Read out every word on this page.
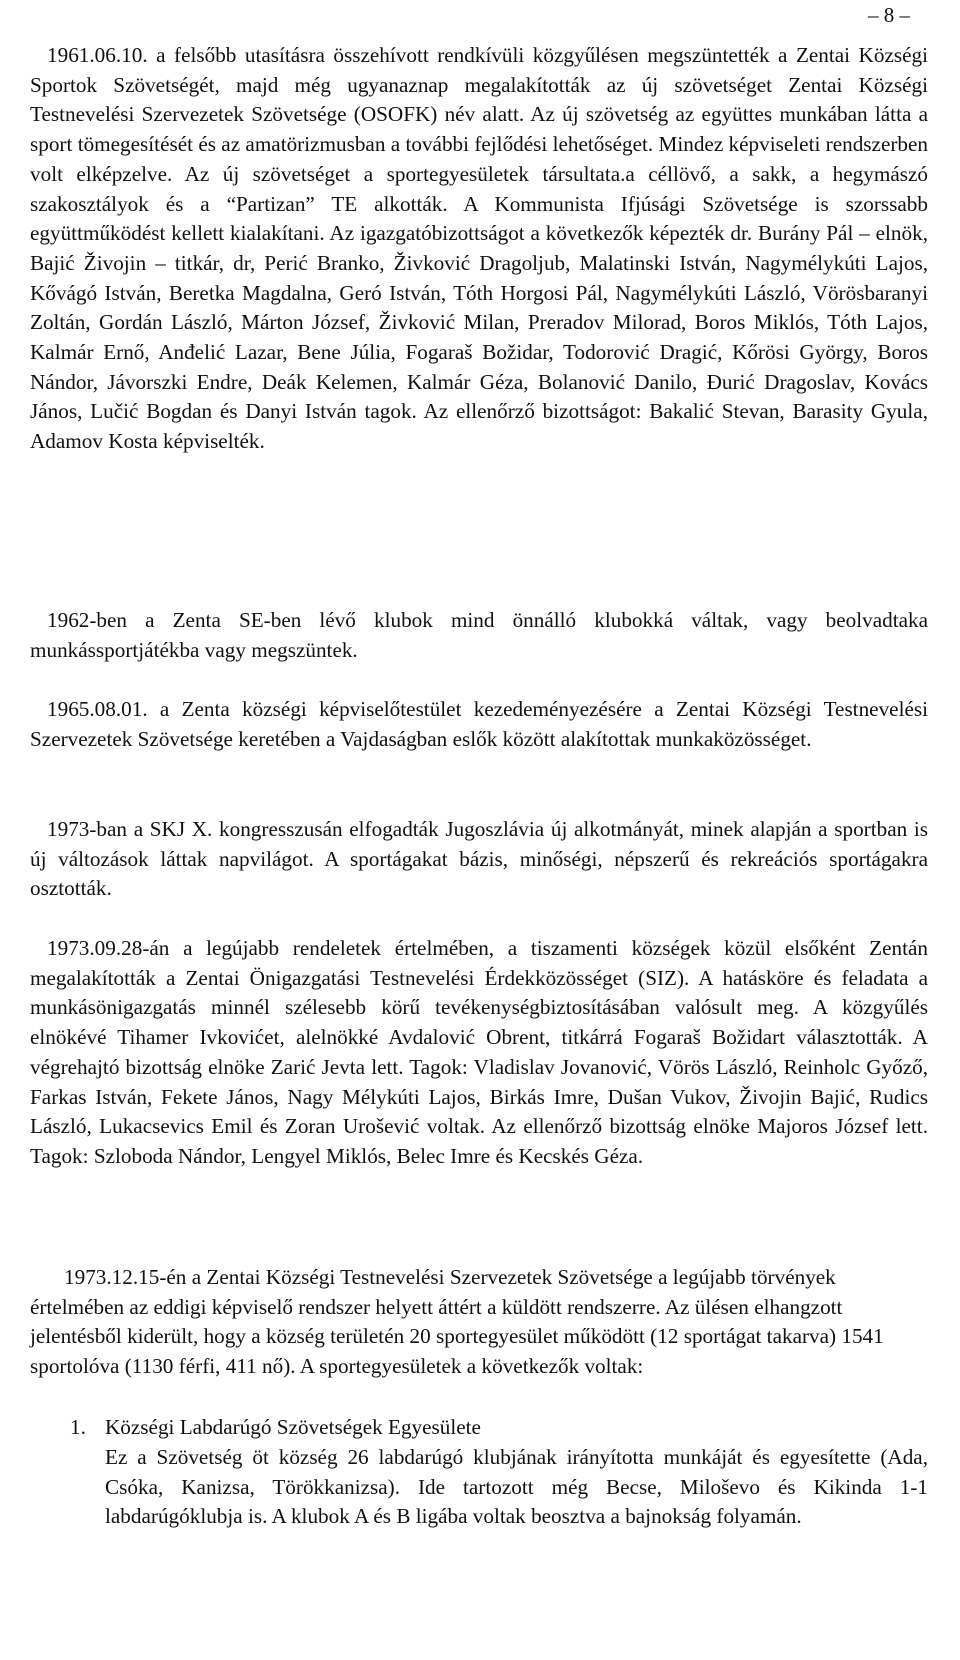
– 8 –

1961.06.10. a felsőbb utasításra összehívott rendkívüli közgyűlésen megszüntették a Zentai Községi Sportok Szövetségét, majd még ugyanaznap megalakították az új szövetséget Zentai Községi Testnevelési Szervezetek Szövetsége (OSOFK) név alatt. Az új szövetség az együttes munkában látta a sport tömegesítését és az amatörizmusban a további fejlődési lehetőséget. Mindez képviseleti rendszerben volt elképzelve. Az új szövetséget a sportegyesületek társultata.a céllövő, a sakk, a hegymászó szakosztályok és a “Partizan” TE alkották. A Kommunista Ifjúsági Szövetsége is szorssabb együttműködést kellett kialakítani. Az igazgatóbizottságot a következők képezték dr. Burány Pál – elnök, Bajić Živojin – titkár, dr, Perić Branko, Živković Dragoljub, Malatinski István, Nagymélykúti Lajos, Kővágó István, Beretka Magdalna, Geró István, Tóth Horgosi Pál, Nagymélykúti László, Vörösbaranyi Zoltán, Gordán László, Márton József, Živković Milan, Preradov Milorad, Boros Miklós, Tóth Lajos, Kalmár Ernő, Anđelić Lazar, Bene Júlia, Fogaraš Božidar, Todorović Dragić, Kőrösi György, Boros Nándor, Jávorszki Endre, Deák Kelemen, Kalmár Géza, Bolanović Danilo, Đurić Dragoslav, Kovács János, Lučić Bogdan és Danyi István tagok. Az ellenőrző bizottságot: Bakalić Stevan, Barasity Gyula, Adamov Kosta képviselték.

1962-ben a Zenta SE-ben lévő klubok mind önnálló klubokká váltak, vagy beolvadtaka munkássportjátékba vagy megszüntek.

1965.08.01. a Zenta községi képviselőtestület kezedeményezésére a Zentai Községi Testnevelési Szervezetek Szövetsége keretében a Vajdaságban eslők között alakítottak munkaközösséget.

1973-ban a SKJ X. kongresszusán elfogadták Jugoszlávia új alkotmányát, minek alapján a sportban is új változások láttak napvilágot. A sportágakat bázis, minőségi, népszerű és rekreációs sportágakra osztották.

1973.09.28-án a legújabb rendeletek értelmében, a tiszamenti községek közül elsőként Zentán megalakították a Zentai Önigazgatási Testnevelési Érdekközösséget (SIZ). A hatásköre és feladata a munkásönigazgatás minnél szélesebb körű tevékenységbiztosításában valósult meg. A közgyűlés elnökévé Tihamer Ivkovićet, alelnökké Avdalović Obrent, titkárrá Fogaraš Božidart választották. A végrehajtó bizottság elnöke Zarić Jevta lett. Tagok: Vladislav Jovanović, Vörös László, Reinholc Győző, Farkas István, Fekete János, Nagy Mélykúti Lajos, Birkás Imre, Dušan Vukov, Živojin Bajić, Rudics László, Lukacsevics Emil és Zoran Urošević voltak. Az ellenőrző bizottság elnöke Majoros József lett. Tagok: Szloboda Nándor, Lengyel Miklós, Belec Imre és Kecskés Géza.

1973.12.15-én a Zentai Községi Testnevelési Szervezetek Szövetsége a legújabb törvények értelmében az eddigi képviselő rendszer helyett áttért a küldött rendszerre. Az ülésen elhangzott jelentésből kiderült, hogy a község területén 20 sportegyesület működött (12 sportágat takarva) 1541 sportolóva (1130 férfi, 411 nő). A sportegyesületek a következők voltak:

1. Községi Labdarúgó Szövetségek Egyesülete

Ez a Szövetség öt község 26 labdarúgó klubjának irányította munkáját és egyesítette (Ada, Csóka, Kanizsa, Törökkanizsa). Ide tartozott még Becse, Miloševo és Kikinda 1-1 labdarúgóklubja is. A klubok A és B ligába voltak beosztva a bajnokság folyamán.
